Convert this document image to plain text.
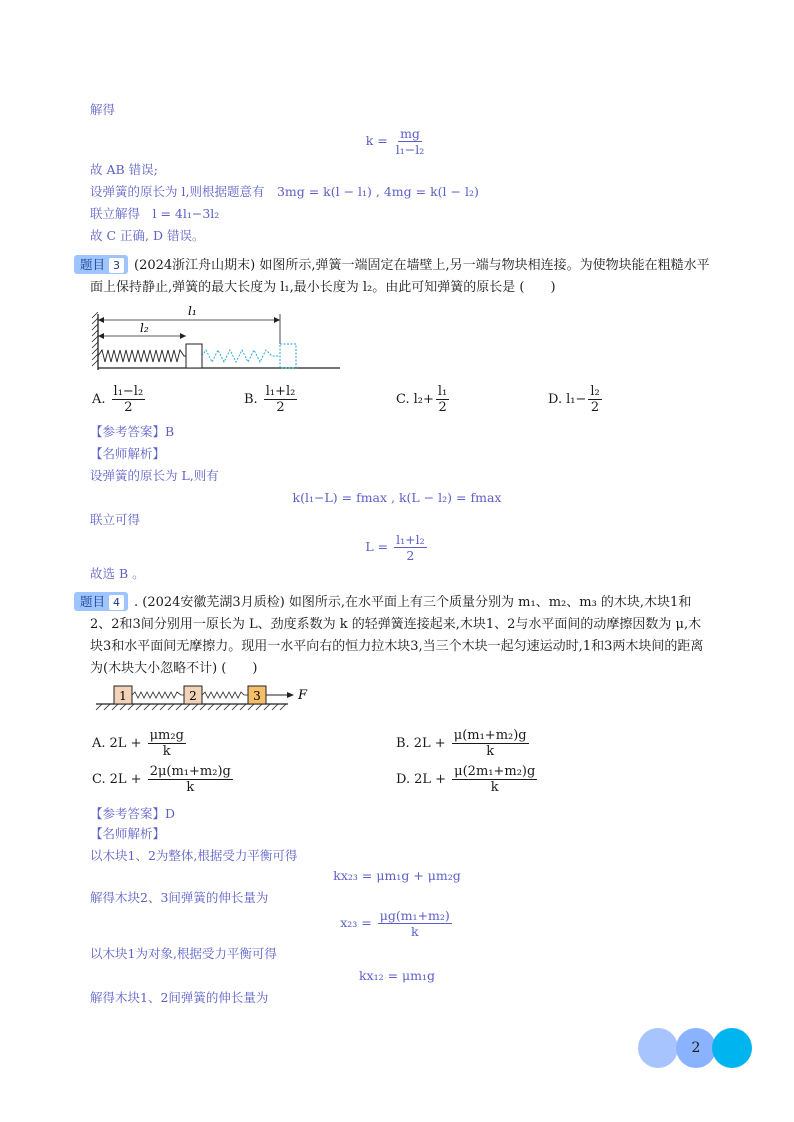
解得
$k = \frac{mg}{\text{l₁−l₂}}$
故 AB 错误;
设弹簧的原长为 l,则根据题意有　3mg = k(l − l₁) , 4mg = k(l − l₂)
联立解得　l = 4l₁−3l₂
故 C 正确, D 错误。
题目 3 (2024浙江舟山期末) 如图所示,弹簧一端固定在墙壁上,另一端与物块相连接。为使物块能在粗糙水平面上保持静止,弹簧的最大长度为 l₁,最小长度为 l₂。由此可知弹簧的原长是 (　　)
l₁
l₂
A. $\frac{\text{l₁−l₂}}{2}$	B. $\frac{\text{l₁+l₂}}{2}$	C. $l_2+ \frac{\text{l₁}}{2}$	D. $l_1- \frac{\text{l₂}}{2}$
【参考答案】B
【名师解析】
设弹簧的原长为 L,则有
k(l₁−L) = fmax , k(L − l₂) = fmax
联立可得
$L = \frac{\text{l₁+l₂}}{2}$
故选 B 。
题目 4 . (2024安徽芜湖3月质检) 如图所示,在水平面上有三个质量分别为 m₁、m₂、m₃ 的木块,木块1和2、2和3间分别用一原长为 L、劲度系数为 k 的轻弹簧连接起来,木块1、2与水平面间的动摩擦因数为 μ,木块3和水平面间无摩擦力。现用一水平向右的恒力拉木块3,当三个木块一起匀速运动时,1和3两木块间的距离为(木块大小忽略不计) (　　)
1	2	3	F
A. $2L + \frac{\text{μm₂g}}{k}$	B. $2L + \frac{\text{μ(m₁+m₂)g}}{k}$
C. $2L + \frac{\text{2μ(m₁+m₂)g}}{k}$	D. $2L + \frac{\text{μ(2m₁+m₂)g}}{k}$
【参考答案】D
【名师解析】
以木块1、2为整体,根据受力平衡可得
kx₂₃ = μm₁g + μm₂g
解得木块2、3间弹簧的伸长量为
$x_{23} = \frac{\text{μg(m₁+m₂)}}{k}$
以木块1为对象,根据受力平衡可得
kx₁₂ = μm₁g
解得木块1、2间弹簧的伸长量为
2
